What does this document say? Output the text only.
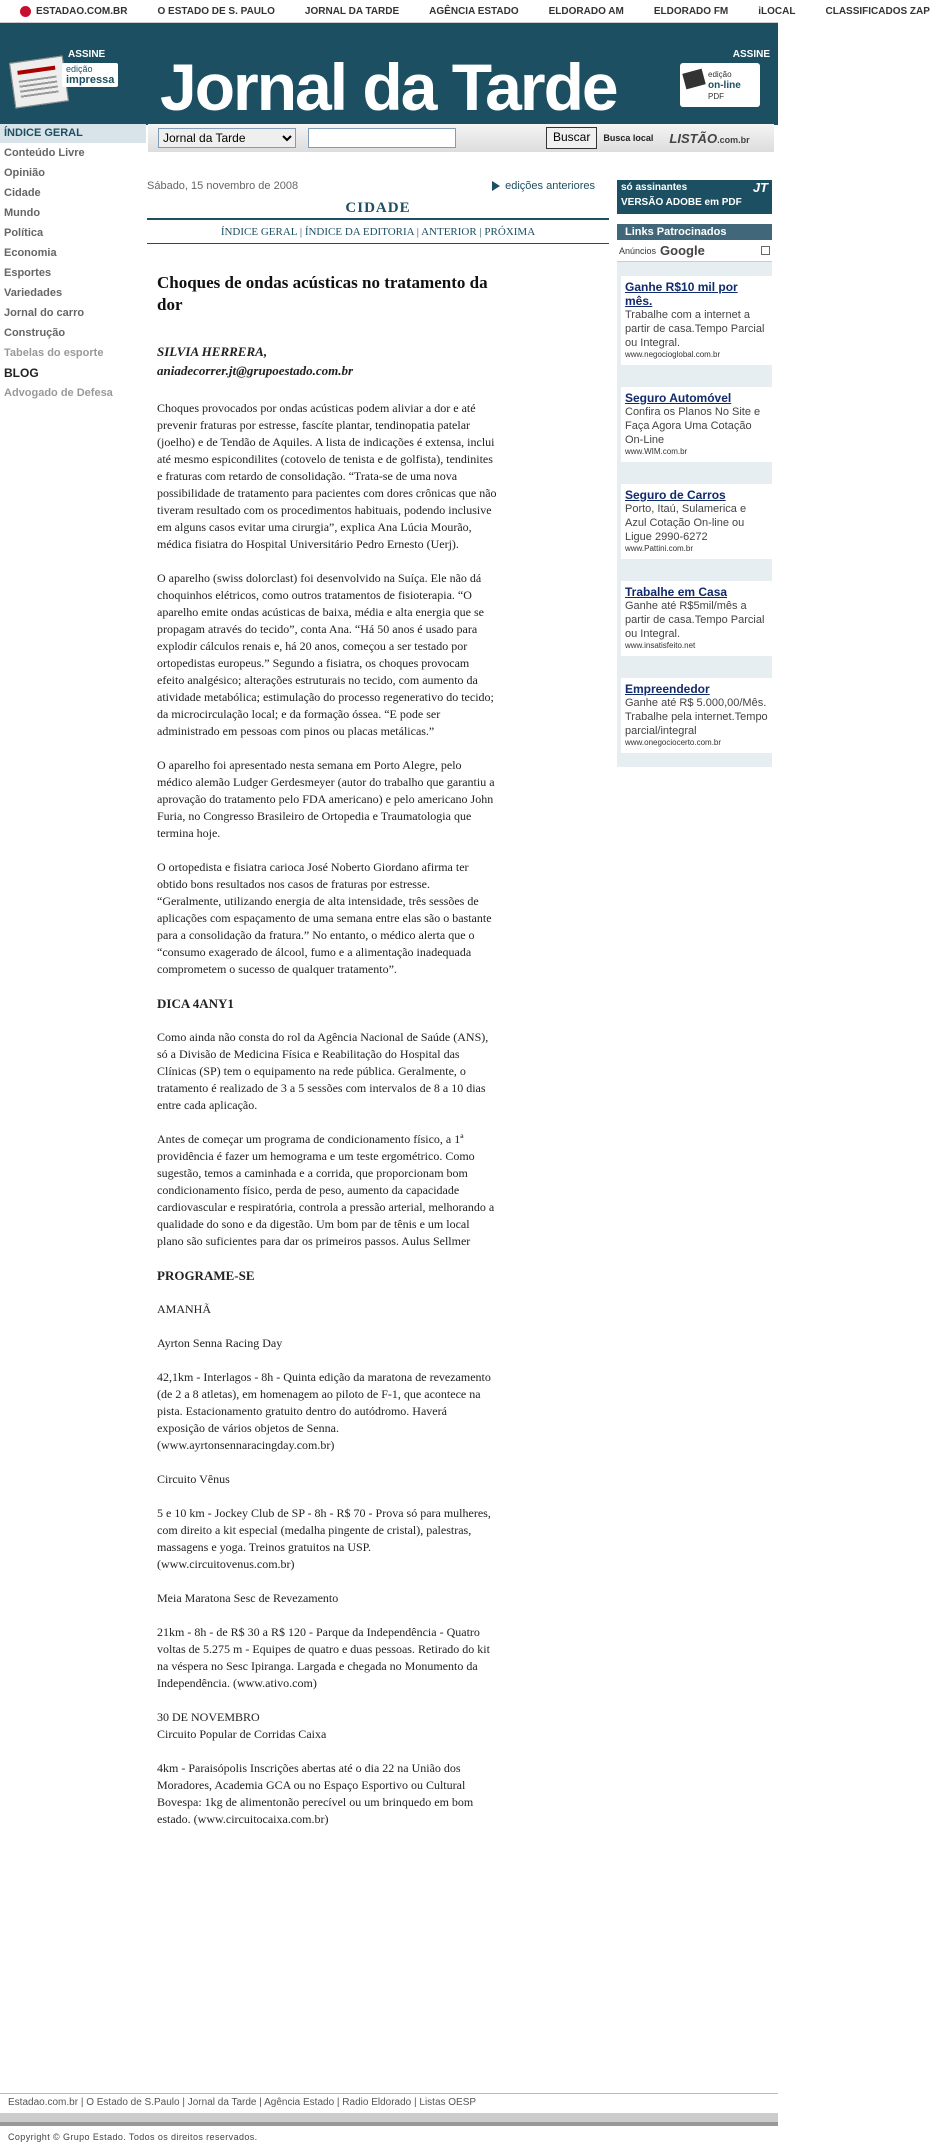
ESTADAO.COM.BR	O ESTADO DE S. PAULO	JORNAL DA TARDE	AGÊNCIA ESTADO	ELDORADO AM	ELDORADO FM	iLOCAL	CLASSIFICADOS ZAP
ASSINE
edição
impressa Jornal da Tarde	ASSINE
edição
on-line
PDF
Jornal da Tarde
Buscar	Busca local LISTÃO.com.br
ÍNDICE GERAL
Conteúdo Livre
Opinião
Cidade
Mundo
Política
Economia
Esportes
Variedades
Jornal do carro
Construção
Tabelas do esporte
BLOG
Advogado de Defesa
Sábado, 15 novembro de 2008	edições anteriores
CIDADE
ÍNDICE GERAL | ÍNDICE DA EDITORIA | ANTERIOR | PRÓXIMA
Choques de ondas acústicas no tratamento da dor
SILVIA HERRERA,
aniadecorrer.jt@grupoestado.com.br

Choques provocados por ondas acústicas podem aliviar a dor e até prevenir fraturas por estresse, fascíte plantar, tendinopatia patelar (joelho) e de Tendão de Aquiles. A lista de indicações é extensa, inclui até mesmo espicondilites (cotovelo de tenista e de golfista), tendinites e fraturas com retardo de consolidação. “Trata-se de uma nova possibilidade de tratamento para pacientes com dores crônicas que não tiveram resultado com os procedimentos habituais, podendo inclusive em alguns casos evitar uma cirurgia”, explica Ana Lúcia Mourão, médica fisiatra do Hospital Universitário Pedro Ernesto (Uerj).

O aparelho (swiss dolorclast) foi desenvolvido na Suíça. Ele não dá choquinhos elétricos, como outros tratamentos de fisioterapia. “O aparelho emite ondas acústicas de baixa, média e alta energia que se propagam através do tecido”, conta Ana. “Há 50 anos é usado para explodir cálculos renais e, há 20 anos, começou a ser testado por ortopedistas europeus.” Segundo a fisiatra, os choques provocam efeito analgésico; alterações estruturais no tecido, com aumento da atividade metabólica; estimulação do processo regenerativo do tecido; da microcirculação local; e da formação óssea. “E pode ser administrado em pessoas com pinos ou placas metálicas.”

O aparelho foi apresentado nesta semana em Porto Alegre, pelo médico alemão Ludger Gerdesmeyer (autor do trabalho que garantiu a aprovação do tratamento pelo FDA americano) e pelo americano John Furia, no Congresso Brasileiro de Ortopedia e Traumatologia que termina hoje.

O ortopedista e fisiatra carioca José Noberto Giordano afirma ter obtido bons resultados nos casos de fraturas por estresse. “Geralmente, utilizando energia de alta intensidade, três sessões de aplicações com espaçamento de uma semana entre elas são o bastante para a consolidação da fratura.” No entanto, o médico alerta que o “consumo exagerado de álcool, fumo e a alimentação inadequada comprometem o sucesso de qualquer tratamento”.

DICA 4ANY1

Como ainda não consta do rol da Agência Nacional de Saúde (ANS), só a Divisão de Medicina Física e Reabilitação do Hospital das Clínicas (SP) tem o equipamento na rede pública. Geralmente, o tratamento é realizado de 3 a 5 sessões com intervalos de 8 a 10 dias entre cada aplicação.

Antes de começar um programa de condicionamento físico, a 1ª providência é fazer um hemograma e um teste ergométrico. Como sugestão, temos a caminhada e a corrida, que proporcionam bom condicionamento físico, perda de peso, aumento da capacidade cardiovascular e respiratória, controla a pressão arterial, melhorando a qualidade do sono e da digestão. Um bom par de tênis e um local plano são suficientes para dar os primeiros passos. Aulus Sellmer

PROGRAME-SE

AMANHÃ

Ayrton Senna Racing Day

42,1km - Interlagos - 8h - Quinta edição da maratona de revezamento (de 2 a 8 atletas), em homenagem ao piloto de F-1, que acontece na pista. Estacionamento gratuito dentro do autódromo. Haverá exposição de vários objetos de Senna. (www.ayrtonsennaracingday.com.br)

Circuito Vênus

5 e 10 km - Jockey Club de SP - 8h - R$ 70 - Prova só para mulheres, com direito a kit especial (medalha pingente de cristal), palestras, massagens e yoga. Treinos gratuitos na USP. (www.circuitovenus.com.br)

Meia Maratona Sesc de Revezamento

21km - 8h - de R$ 30 a R$ 120 - Parque da Independência - Quatro voltas de 5.275 m - Equipes de quatro e duas pessoas. Retirado do kit na véspera no Sesc Ipiranga. Largada e chegada no Monumento da Independência. (www.ativo.com)

30 DE NOVEMBRO
Circuito Popular de Corridas Caixa

4km - Paraisópolis Inscrições abertas até o dia 22 na União dos Moradores, Academia GCA ou no Espaço Esportivo ou Cultural Bovespa: 1kg de alimentonão perecível ou um brinquedo em bom estado. (www.circuitocaixa.com.br)

só assinantes	JT
VERSÃO ADOBE em PDF
Links Patrocinados
Anúncios Google
Ganhe R$10 mil por mês.
Trabalhe com a internet a partir de casa.Tempo Parcial ou Integral.
www.negocioglobal.com.br
Seguro Automóvel
Confira os Planos No Site e Faça Agora Uma Cotação On-Line
www.WIM.com.br
Seguro de Carros
Porto, Itaú, Sulamerica e Azul Cotação On-line ou Ligue 2990-6272
www.Pattini.com.br
Trabalhe em Casa
Ganhe até R$5mil/mês a partir de casa.Tempo Parcial ou Integral.
www.insatisfeito.net
Empreendedor
Ganhe até R$ 5.000,00/Mês. Trabalhe pela internet.Tempo parcial/integral
www.onegociocerto.com.br
Estadao.com.br | O Estado de S.Paulo | Jornal da Tarde | Agência Estado | Radio Eldorado | Listas OESP
Copyright © Grupo Estado. Todos os direitos reservados.
